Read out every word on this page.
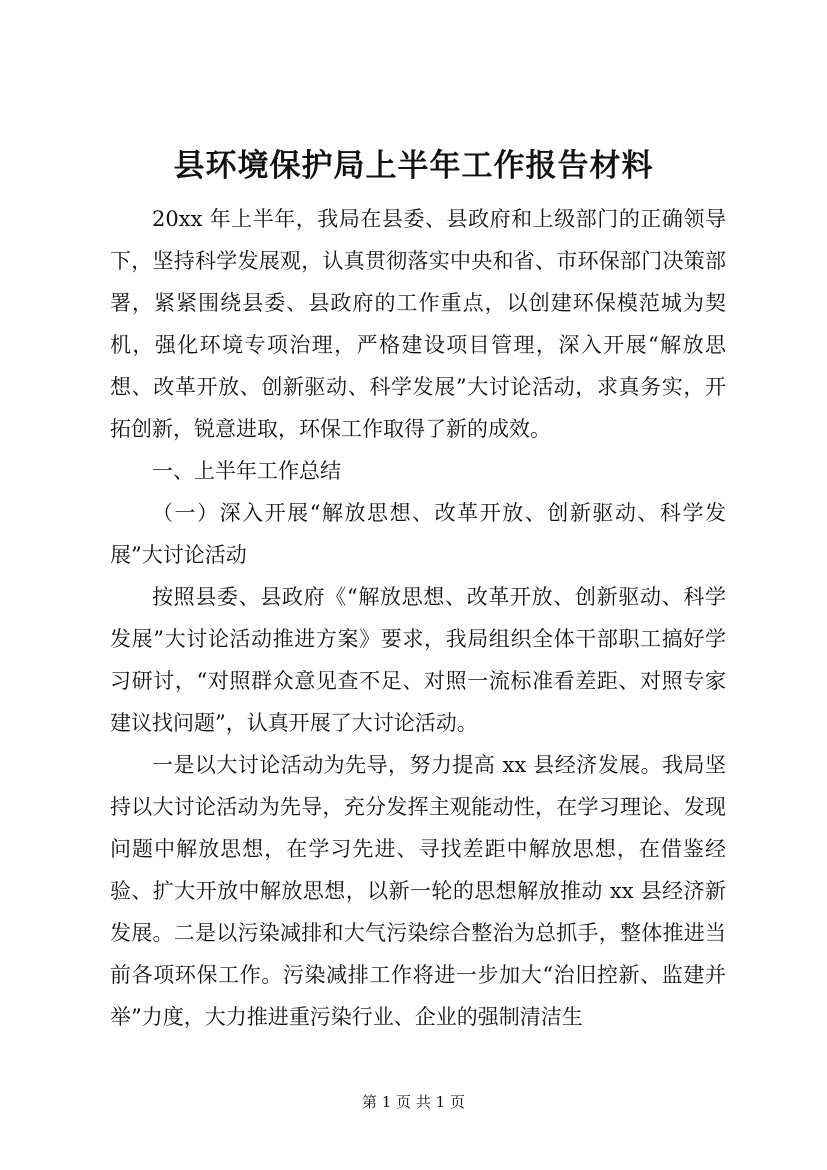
县环境保护局上半年工作报告材料

20xx 年上半年，我局在县委、县政府和上级部门的正确领导下，坚持科学发展观，认真贯彻落实中央和省、市环保部门决策部署，紧紧围绕县委、县政府的工作重点，以创建环保模范城为契机，强化环境专项治理，严格建设项目管理，深入开展“解放思想、改革开放、创新驱动、科学发展”大讨论活动，求真务实，开拓创新，锐意进取，环保工作取得了新的成效。

一、上半年工作总结

（一）深入开展“解放思想、改革开放、创新驱动、科学发展”大讨论活动

按照县委、县政府《“解放思想、改革开放、创新驱动、科学发展”大讨论活动推进方案》要求，我局组织全体干部职工搞好学习研讨，“对照群众意见查不足、对照一流标准看差距、对照专家建议找问题”，认真开展了大讨论活动。

一是以大讨论活动为先导，努力提高 xx 县经济发展。我局坚持以大讨论活动为先导，充分发挥主观能动性，在学习理论、发现问题中解放思想，在学习先进、寻找差距中解放思想，在借鉴经验、扩大开放中解放思想，以新一轮的思想解放推动 xx 县经济新发展。二是以污染减排和大气污染综合整治为总抓手，整体推进当前各项环保工作。污染减排工作将进一步加大“治旧控新、监建并举”力度，大力推进重污染行业、企业的强制清洁生

第 1 页 共 1 页
